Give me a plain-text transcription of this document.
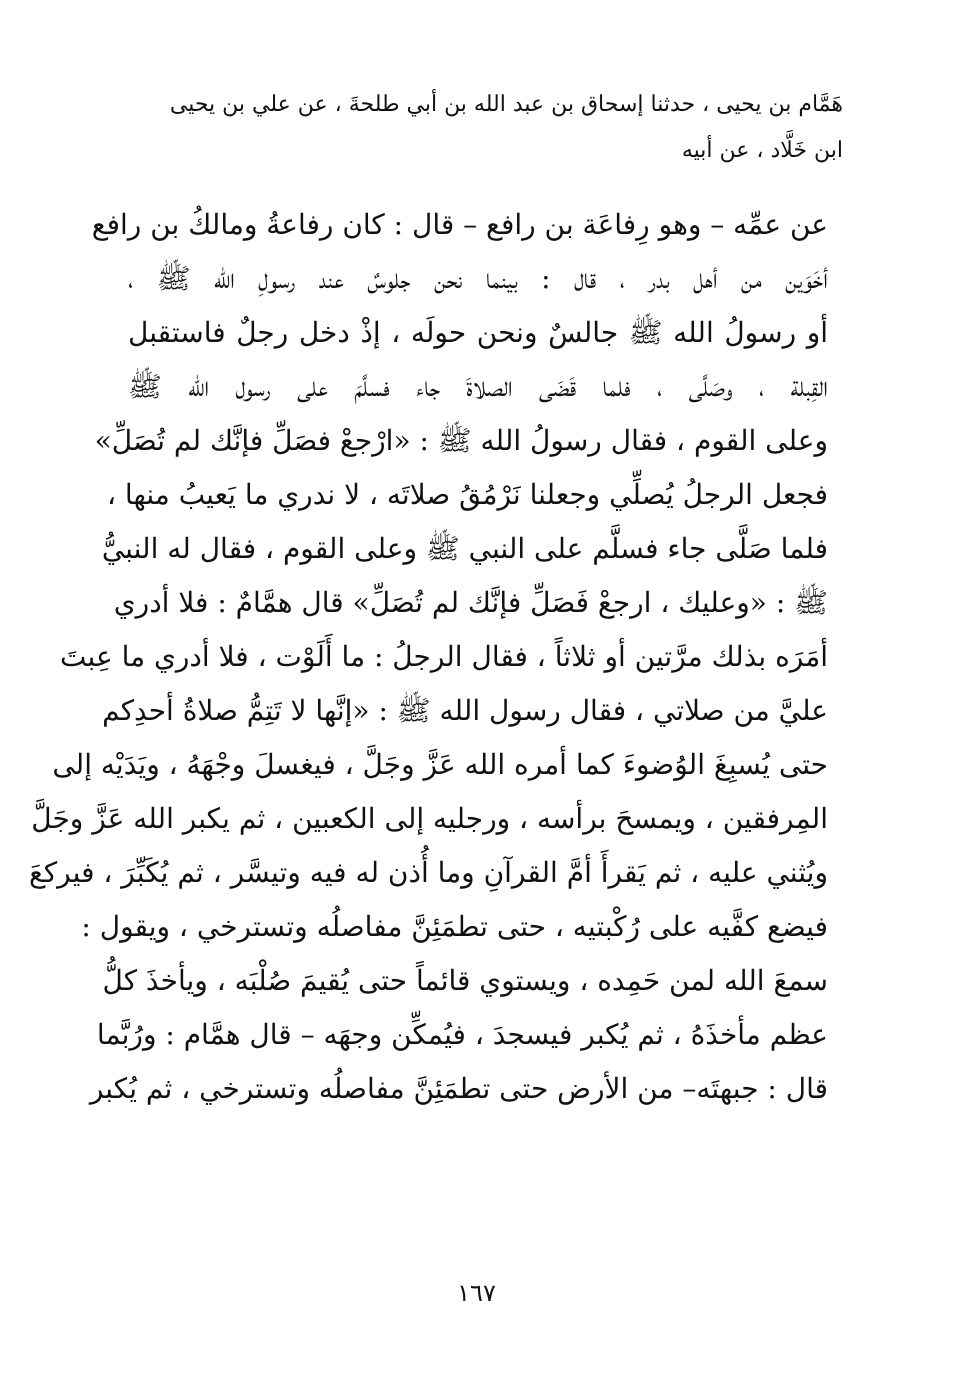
هَمَّام بن يحيى ، حدثنا إسحاق بن عبد الله بن أبي طلحةَ ، عن علي بن يحيى
ابن خَلَّاد ، عن أبيه
عن عمِّه – وهو رِفاعَة بن رافع – قال : كان رفاعةُ ومالكُ بن رافع
أخَوَين من أهل بدر ، قال : بينما نحن جلوسٌ عند رسولِ الله ﷺ ،
أو رسولُ الله ﷺ جالسٌ ونحن حولَه ، إذْ دخل رجلٌ فاستقبل
القِبلة ، وصَلَّى ، فلما قَضَى الصلاةَ جاء فسلَّمَ على رسول الله ﷺ
وعلى القوم ، فقال رسولُ الله ﷺ : «ارْجعْ فصَلِّ فإنَّك لم تُصَلِّ»
فجعل الرجلُ يُصلِّي وجعلنا نَرْمُقُ صلاتَه ، لا ندري ما يَعيبُ منها ،
فلما صَلَّى جاء فسلَّم على النبي ﷺ وعلى القوم ، فقال له النبيُّ
ﷺ : «وعليك ، ارجعْ فَصَلِّ فإنَّك لم تُصَلِّ» قال همَّامٌ : فلا أدري
أمَرَه بذلك مرَّتين أو ثلاثاً ، فقال الرجلُ : ما أَلَوْت ، فلا أدري ما عِبتَ
عليَّ من صلاتي ، فقال رسول الله ﷺ : «إنَّها لا تَتِمُّ صلاةُ أحدِكم
حتى يُسبِغَ الوُضوءَ كما أمره الله عَزَّ وجَلَّ ، فيغسلَ وجْهَهُ ، ويَدَيْه إلى
المِرفقين ، ويمسحَ برأسه ، ورجليه إلى الكعبين ، ثم يكبر الله عَزَّ وجَلَّ
ويُثني عليه ، ثم يَقرأَ أمَّ القرآنِ وما أُذن له فيه وتيسَّر ، ثم يُكَبِّرَ ، فيركعَ
فيضع كفَّيه على رُكْبتيه ، حتى تطمَئِنَّ مفاصلُه وتسترخي ، ويقول :
سمعَ الله لمن حَمِده ، ويستوي قائماً حتى يُقيمَ صُلْبَه ، ويأخذَ كلُّ
عظم مأخذَهُ ، ثم يُكبر فيسجدَ ، فيُمكِّن وجهَه – قال همَّام : ورُبَّما
قال : جبهتَه– من الأرض حتى تطمَئِنَّ مفاصلُه وتسترخي ، ثم يُكبر
١٦٧
